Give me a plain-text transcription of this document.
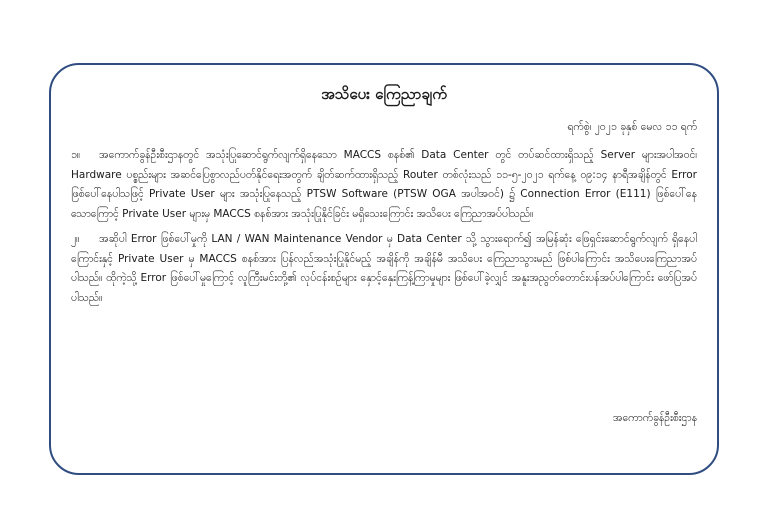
အသိပေး ကြေညာချက်
ရက်စွဲ၊ ၂၀၂၁ ခုနှစ် မေလ ၁၁ ရက်

၁။ အကောက်ခွန်ဦးစီးဌာနတွင် အသုံးပြုဆောင်ရွက်လျက်ရှိနေသော MACCS စနစ်၏ Data Center တွင် တပ်ဆင်ထားရှိသည့် Server များအပါအဝင်၊ Hardware ပစ္စည်းများ အဆင်ပြေစွာလည်ပတ်နိုင်ရေးအတွက် ချိတ်ဆက်ထားရှိသည့် Router တစ်လုံးသည် ၁၁-၅-၂၀၂၁ ရက်နေ့ ၀၉:၁၄ နာရီအချိန်တွင် Error ဖြစ်ပေါ်နေပါသဖြင့် Private User များ အသုံးပြုနေသည့် PTSW Software (PTSW OGA အပါအဝင်) ၌ Connection Error (E111) ဖြစ်ပေါ်နေသောကြောင့် Private User များမှ MACCS စနစ်အား အသုံးပြုနိုင်ခြင်း မရှိသေးကြောင်း အသိပေး ကြေညာအပ်ပါသည်။

၂။ အဆိုပါ Error ဖြစ်ပေါ်မှုကို LAN / WAN Maintenance Vendor မှ Data Center သို့ သွားရောက်၍ အမြန်ဆုံး ဖြေရှင်းဆောင်ရွက်လျက် ရှိနေပါကြောင်းနှင့် Private User မှ MACCS စနစ်အား ပြန်လည်အသုံးပြုနိုင်မည့် အချိန်ကို အချိန်မီ အသိပေး ကြေညာသွားမည် ဖြစ်ပါကြောင်း အသိပေးကြေညာအပ်ပါသည်။ ထိုကဲ့သို့ Error ဖြစ်ပေါ်မှုကြောင့် လူကြီးမင်းတို့၏ လုပ်ငန်းစဉ်များ နှောင့်နှေးကြန့်ကြာမှုများ ဖြစ်ပေါ်ခဲ့လျှင် အနူးအညွတ်တောင်းပန်အပ်ပါကြောင်း ဖော်ပြအပ်ပါသည်။

အကောက်ခွန်ဦးစီးဌာန
